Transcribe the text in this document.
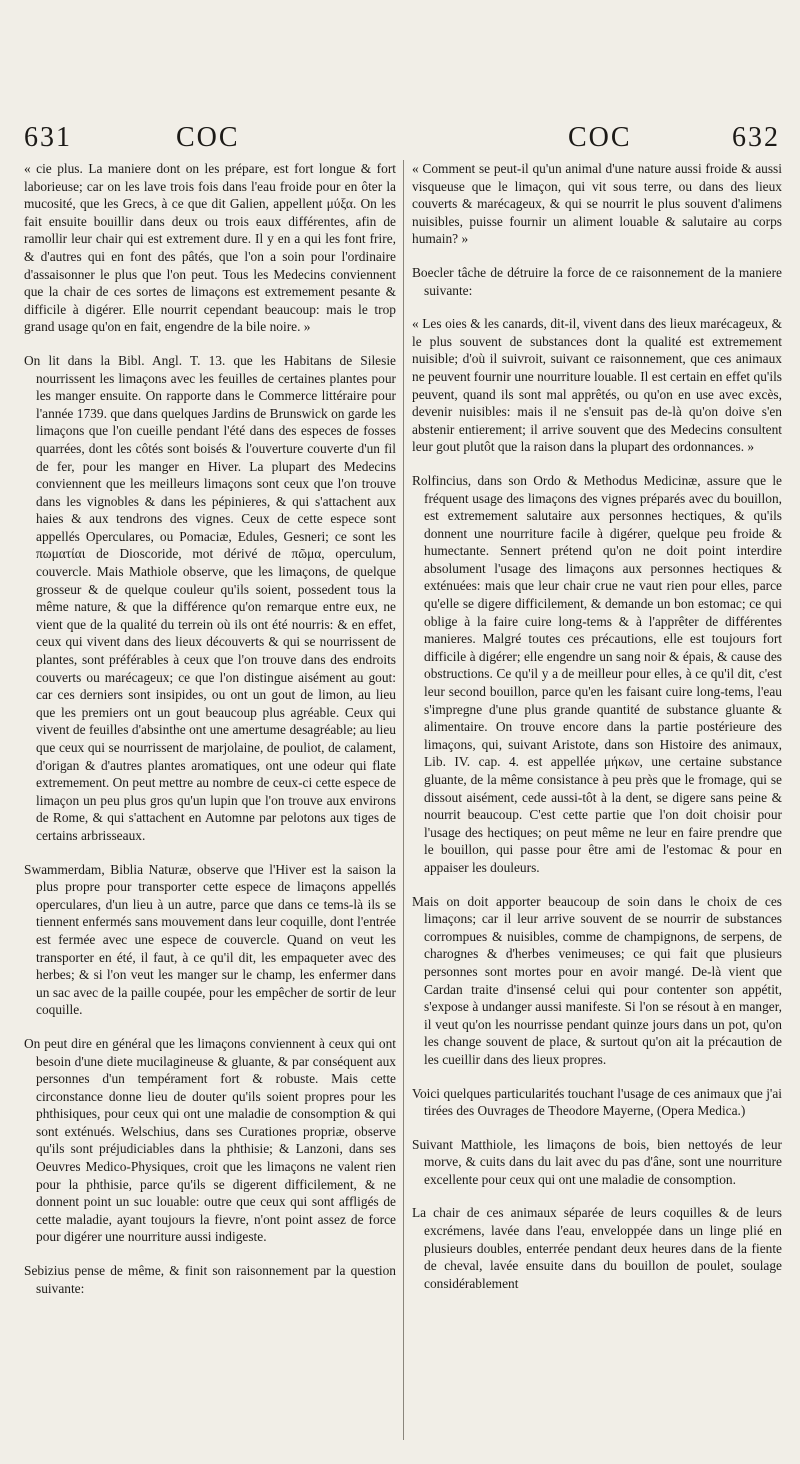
631	COC	COC	632

« cie plus. La maniere dont on les prépare, est fort longue & fort laborieuse; car on les lave trois fois dans l'eau froide pour en ôter la mucosité, que les Grecs, à ce que dit Galien, appellent μύξα. On les fait ensuite bouillir dans deux ou trois eaux différentes, afin de ramollir leur chair qui est extrement dure. Il y en a qui les font frire, & d'autres qui en font des pâtés, que l'on a soin pour l'ordinaire d'assaisonner le plus que l'on peut. Tous les Medecins conviennent que la chair de ces sortes de limaçons est extremement pesante & difficile à digérer. Elle nourrit cependant beaucoup: mais le trop grand usage qu'on en fait, engendre de la bile noire. »

On lit dans la Bibl. Angl. T. 13. que les Habitans de Silesie nourrissent les limaçons avec les feuilles de certaines plantes pour les manger ensuite. On rapporte dans le Commerce littéraire pour l'année 1739. que dans quelques Jardins de Brunswick on garde les limaçons que l'on cueille pendant l'été dans des especes de fosses quarrées, dont les côtés sont boisés & l'ouverture couverte d'un fil de fer, pour les manger en Hiver. La plupart des Medecins conviennent que les meilleurs limaçons sont ceux que l'on trouve dans les vignobles & dans les pépinieres, & qui s'attachent aux haies & aux tendrons des vignes. Ceux de cette espece sont appellés Operculares, ou Pomaciæ, Edules, Gesneri; ce sont les πωματίαι de Dioscoride, mot dérivé de πῶμα, operculum, couvercle. Mais Mathiole observe, que les limaçons, de quelque grosseur & de quelque couleur qu'ils soient, possedent tous la même nature, & que la différence qu'on remarque entre eux, ne vient que de la qualité du terrein où ils ont été nourris: & en effet, ceux qui vivent dans des lieux découverts & qui se nourrissent de plantes, sont préférables à ceux que l'on trouve dans des endroits couverts ou marécageux; ce que l'on distingue aisément au gout: car ces derniers sont insipides, ou ont un gout de limon, au lieu que les premiers ont un gout beaucoup plus agréable. Ceux qui vivent de feuilles d'absinthe ont une amertume desagréable; au lieu que ceux qui se nourrissent de marjolaine, de pouliot, de calament, d'origan & d'autres plantes aromatiques, ont une odeur qui flate extremement. On peut mettre au nombre de ceux-ci cette espece de limaçon un peu plus gros qu'un lupin que l'on trouve aux environs de Rome, & qui s'attachent en Automne par pelotons aux tiges de certains arbrisseaux.

Swammerdam, Biblia Naturæ, observe que l'Hiver est la saison la plus propre pour transporter cette espece de limaçons appellés operculares, d'un lieu à un autre, parce que dans ce tems-là ils se tiennent enfermés sans mouvement dans leur coquille, dont l'entrée est fermée avec une espece de couvercle. Quand on veut les transporter en été, il faut, à ce qu'il dit, les empaqueter avec des herbes; & si l'on veut les manger sur le champ, les enfermer dans un sac avec de la paille coupée, pour les empêcher de sortir de leur coquille.

On peut dire en général que les limaçons conviennent à ceux qui ont besoin d'une diete mucilagineuse & gluante, & par conséquent aux personnes d'un tempérament fort & robuste. Mais cette circonstance donne lieu de douter qu'ils soient propres pour les phthisiques, pour ceux qui ont une maladie de consomption & qui sont exténués. Welschius, dans ses Curationes propriæ, observe qu'ils sont préjudiciables dans la phthisie; & Lanzoni, dans ses Oeuvres Medico-Physiques, croit que les limaçons ne valent rien pour la phthisie, parce qu'ils se digerent difficilement, & ne donnent point un suc louable: outre que ceux qui sont affligés de cette maladie, ayant toujours la fievre, n'ont point assez de force pour digérer une nourriture aussi indigeste.

Sebizius pense de même, & finit son raisonnement par la question suivante:

« Comment se peut-il qu'un animal d'une nature aussi froide & aussi visqueuse que le limaçon, qui vit sous terre, ou dans des lieux couverts & marécageux, & qui se nourrit le plus souvent d'alimens nuisibles, puisse fournir un aliment louable & salutaire au corps humain? »

Boecler tâche de détruire la force de ce raisonnement de la maniere suivante:

« Les oies & les canards, dit-il, vivent dans des lieux marécageux, & le plus souvent de substances dont la qualité est extremement nuisible; d'où il suivroit, suivant ce raisonnement, que ces animaux ne peuvent fournir une nourriture louable. Il est certain en effet qu'ils peuvent, quand ils sont mal apprêtés, ou qu'on en use avec excès, devenir nuisibles: mais il ne s'ensuit pas de-là qu'on doive s'en abstenir entierement; il arrive souvent que des Medecins consultent leur gout plutôt que la raison dans la plupart des ordonnances. »

Rolfincius, dans son Ordo & Methodus Medicinæ, assure que le fréquent usage des limaçons des vignes préparés avec du bouillon, est extremement salutaire aux personnes hectiques, & qu'ils donnent une nourriture facile à digérer, quelque peu froide & humectante. Sennert prétend qu'on ne doit point interdire absolument l'usage des limaçons aux personnes hectiques & exténuées: mais que leur chair crue ne vaut rien pour elles, parce qu'elle se digere difficilement, & demande un bon estomac; ce qui oblige à la faire cuire long-tems & à l'apprêter de différentes manieres. Malgré toutes ces précautions, elle est toujours fort difficile à digérer; elle engendre un sang noir & épais, & cause des obstructions. Ce qu'il y a de meilleur pour elles, à ce qu'il dit, c'est leur second bouillon, parce qu'en les faisant cuire long-tems, l'eau s'impregne d'une plus grande quantité de substance gluante & alimentaire. On trouve encore dans la partie postérieure des limaçons, qui, suivant Aristote, dans son Histoire des animaux, Lib. IV. cap. 4. est appellée μήκων, une certaine substance gluante, de la même consistance à peu près que le fromage, qui se dissout aisément, cede aussi-tôt à la dent, se digere sans peine & nourrit beaucoup. C'est cette partie que l'on doit choisir pour l'usage des hectiques; on peut même ne leur en faire prendre que le bouillon, qui passe pour être ami de l'estomac & pour en appaiser les douleurs.

Mais on doit apporter beaucoup de soin dans le choix de ces limaçons; car il leur arrive souvent de se nourrir de substances corrompues & nuisibles, comme de champignons, de serpens, de charognes & d'herbes venimeuses; ce qui fait que plusieurs personnes sont mortes pour en avoir mangé. De-là vient que Cardan traite d'insensé celui qui pour contenter son appétit, s'expose à undanger aussi manifeste. Si l'on se résout à en manger, il veut qu'on les nourrisse pendant quinze jours dans un pot, qu'on les change souvent de place, & surtout qu'on ait la précaution de les cueillir dans des lieux propres.

Voici quelques particularités touchant l'usage de ces animaux que j'ai tirées des Ouvrages de Theodore Mayerne, (Opera Medica.)

Suivant Matthiole, les limaçons de bois, bien nettoyés de leur morve, & cuits dans du lait avec du pas d'âne, sont une nourriture excellente pour ceux qui ont une maladie de consomption.

La chair de ces animaux séparée de leurs coquilles & de leurs excrémens, lavée dans l'eau, enveloppée dans un linge plié en plusieurs doubles, enterrée pendant deux heures dans de la fiente de cheval, lavée ensuite dans du bouillon de poulet, soulage considérablement
